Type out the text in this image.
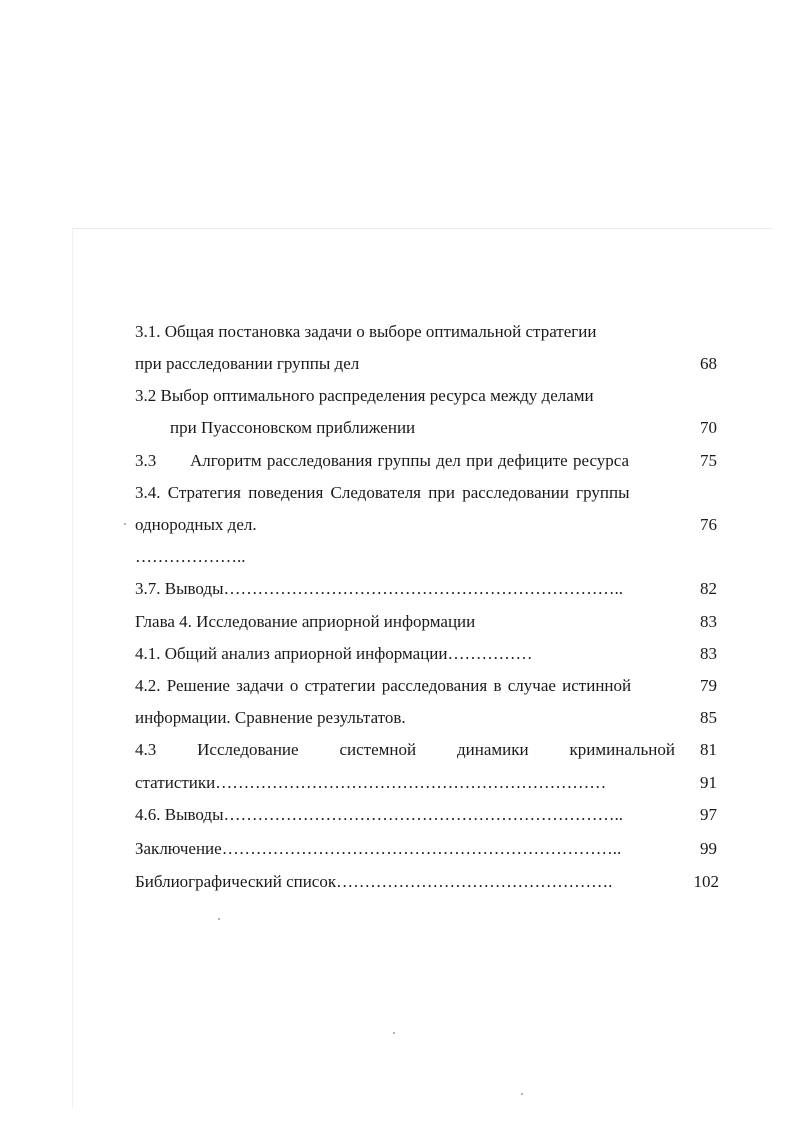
3.1. Общая постановка задачи о выборе оптимальной стратегии
при расследовании группы дел	68
3.2 Выбор оптимального распределения ресурса между делами
при Пуассоновском приближении	70
3.3 Алгоритм расследования группы дел при дефиците ресурса	75
3.4. Стратегия поведения Следователя при расследовании группы
однородных дел.	76
………………..
3.7. Выводы……………………………………………………………..	82
Глава 4. Исследование априорной информации	83
4.1. Общий анализ априорной информации……………	83
4.2. Решение задачи о стратегии расследования в случае истинной	79
информации. Сравнение результатов.	85
4.3 Исследование системной динамики криминальной	81
статистики……………………………………………………………	91
4.6. Выводы……………………………………………………………..	97
Заключение……………………………………………………………..	99
Библиографический список………………………………………….	102
